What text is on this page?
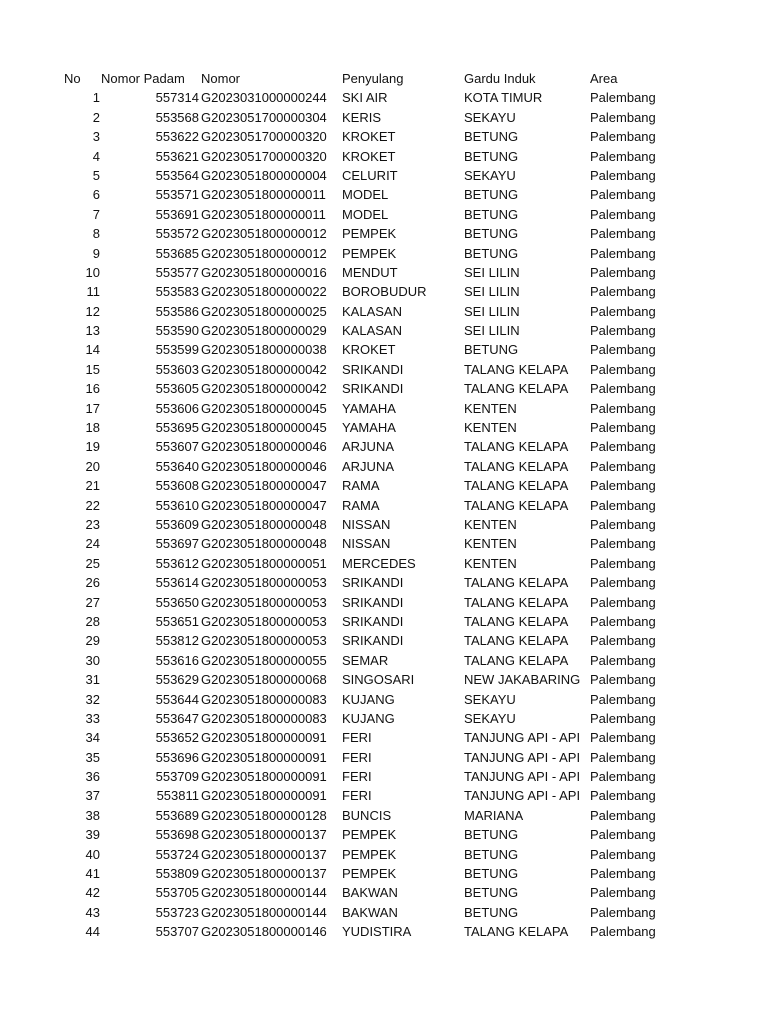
No	Nomor Padam	Nomor	Penyulang	Gardu Induk	Area
1	557314 G2023031000000244	SKI AIR	KOTA TIMUR	Palembang
2	553568 G2023051700000304	KERIS	SEKAYU	Palembang
3	553622 G2023051700000320	KROKET	BETUNG	Palembang
4	553621 G2023051700000320	KROKET	BETUNG	Palembang
5	553564 G2023051800000004	CELURIT	SEKAYU	Palembang
6	553571 G2023051800000011	MODEL	BETUNG	Palembang
7	553691 G2023051800000011	MODEL	BETUNG	Palembang
8	553572 G2023051800000012	PEMPEK	BETUNG	Palembang
9	553685 G2023051800000012	PEMPEK	BETUNG	Palembang
10	553577 G2023051800000016	MENDUT	SEI LILIN	Palembang
11	553583 G2023051800000022	BOROBUDUR	SEI LILIN	Palembang
12	553586 G2023051800000025	KALASAN	SEI LILIN	Palembang
13	553590 G2023051800000029	KALASAN	SEI LILIN	Palembang
14	553599 G2023051800000038	KROKET	BETUNG	Palembang
15	553603 G2023051800000042	SRIKANDI	TALANG KELAPA	Palembang
16	553605 G2023051800000042	SRIKANDI	TALANG KELAPA	Palembang
17	553606 G2023051800000045	YAMAHA	KENTEN	Palembang
18	553695 G2023051800000045	YAMAHA	KENTEN	Palembang
19	553607 G2023051800000046	ARJUNA	TALANG KELAPA	Palembang
20	553640 G2023051800000046	ARJUNA	TALANG KELAPA	Palembang
21	553608 G2023051800000047	RAMA	TALANG KELAPA	Palembang
22	553610 G2023051800000047	RAMA	TALANG KELAPA	Palembang
23	553609 G2023051800000048	NISSAN	KENTEN	Palembang
24	553697 G2023051800000048	NISSAN	KENTEN	Palembang
25	553612 G2023051800000051	MERCEDES	KENTEN	Palembang
26	553614 G2023051800000053	SRIKANDI	TALANG KELAPA	Palembang
27	553650 G2023051800000053	SRIKANDI	TALANG KELAPA	Palembang
28	553651 G2023051800000053	SRIKANDI	TALANG KELAPA	Palembang
29	553812 G2023051800000053	SRIKANDI	TALANG KELAPA	Palembang
30	553616 G2023051800000055	SEMAR	TALANG KELAPA	Palembang
31	553629 G2023051800000068	SINGOSARI	NEW JAKABARING Palembang
32	553644 G2023051800000083	KUJANG	SEKAYU	Palembang
33	553647 G2023051800000083	KUJANG	SEKAYU	Palembang
34	553652 G2023051800000091	FERI	TANJUNG API - API Palembang
35	553696 G2023051800000091	FERI	TANJUNG API - API Palembang
36	553709 G2023051800000091	FERI	TANJUNG API - API Palembang
37	553811 G2023051800000091	FERI	TANJUNG API - API Palembang
38	553689 G2023051800000128	BUNCIS	MARIANA	Palembang
39	553698 G2023051800000137	PEMPEK	BETUNG	Palembang
40	553724 G2023051800000137	PEMPEK	BETUNG	Palembang
41	553809 G2023051800000137	PEMPEK	BETUNG	Palembang
42	553705 G2023051800000144	BAKWAN	BETUNG	Palembang
43	553723 G2023051800000144	BAKWAN	BETUNG	Palembang
44	553707 G2023051800000146	YUDISTIRA	TALANG KELAPA	Palembang
